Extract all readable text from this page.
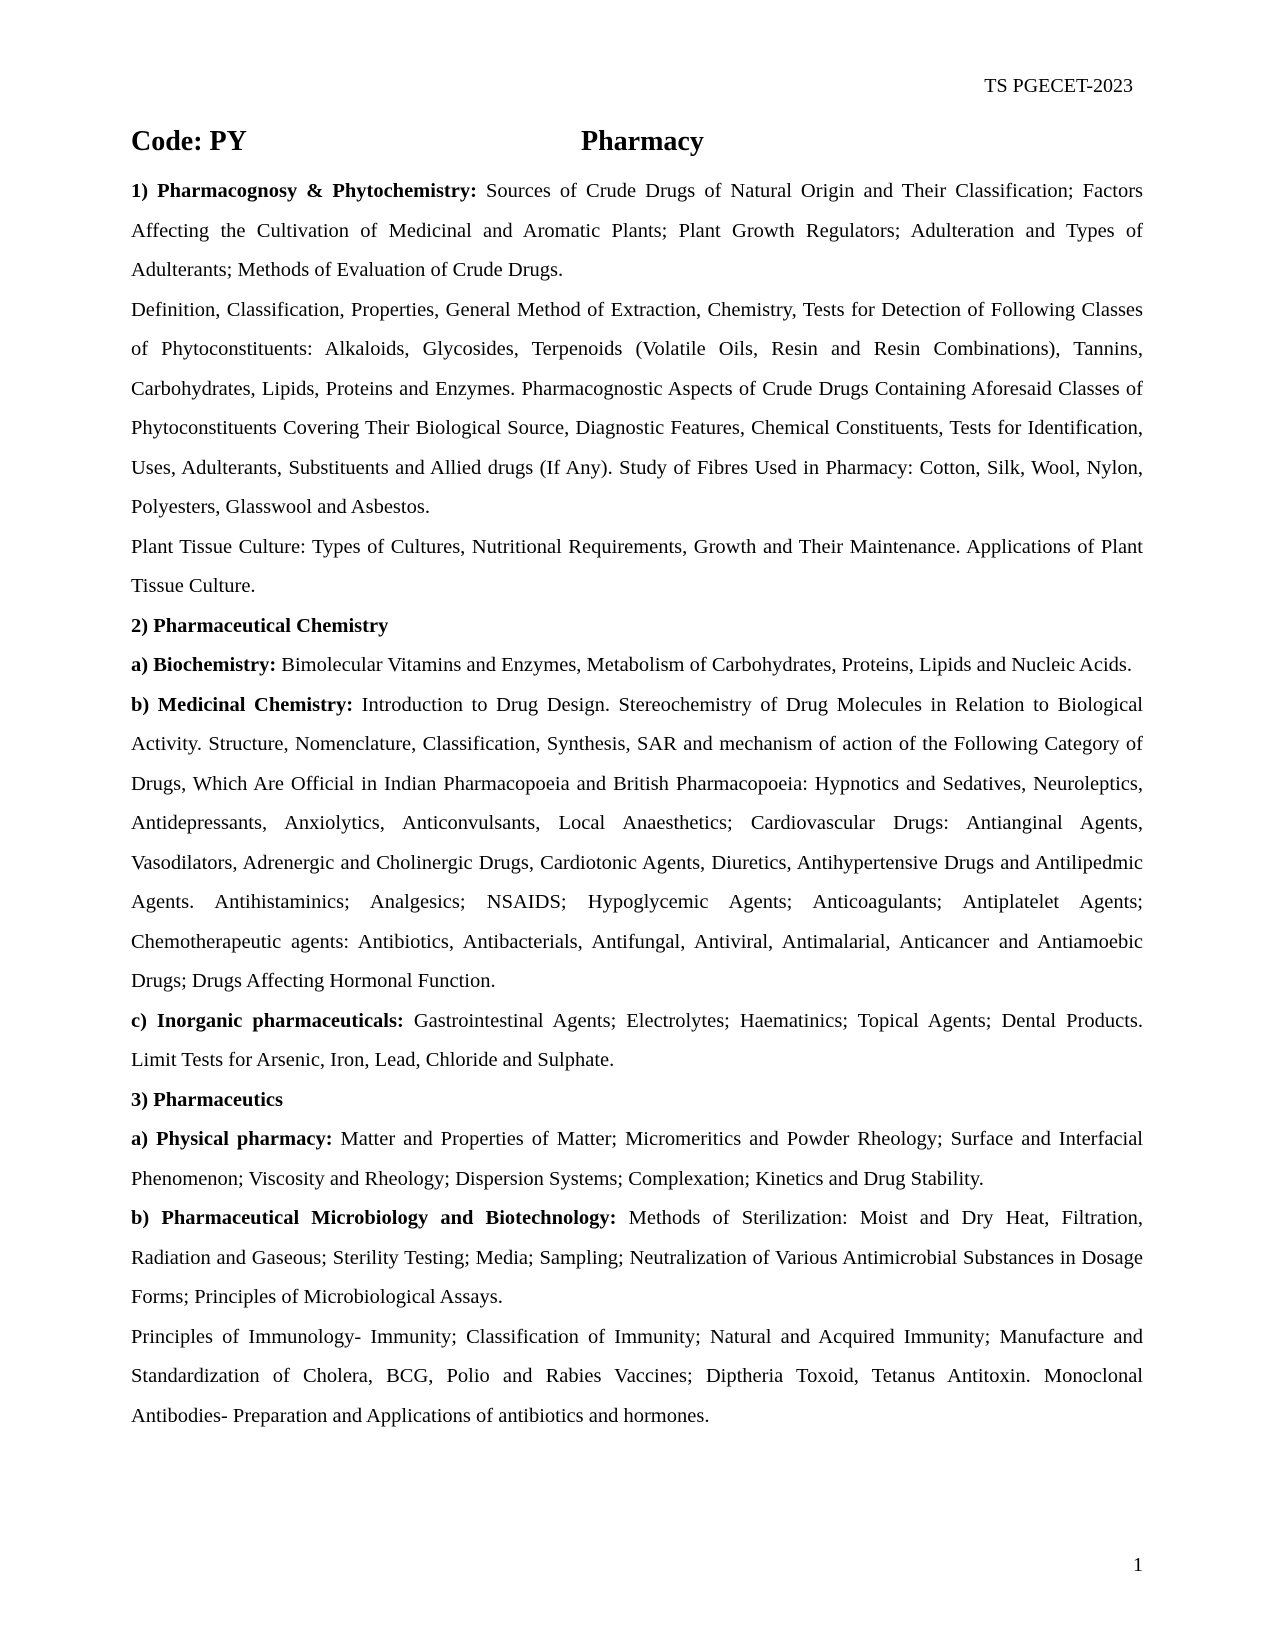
TS PGECET-2023
Code: PY	Pharmacy

1) Pharmacognosy & Phytochemistry: Sources of Crude Drugs of Natural Origin and Their Classification; Factors Affecting the Cultivation of Medicinal and Aromatic Plants; Plant Growth Regulators; Adulteration and Types of Adulterants; Methods of Evaluation of Crude Drugs.

Definition, Classification, Properties, General Method of Extraction, Chemistry, Tests for Detection of Following Classes of Phytoconstituents: Alkaloids, Glycosides, Terpenoids (Volatile Oils, Resin and Resin Combinations), Tannins, Carbohydrates, Lipids, Proteins and Enzymes. Pharmacognostic Aspects of Crude Drugs Containing Aforesaid Classes of Phytoconstituents Covering Their Biological Source, Diagnostic Features, Chemical Constituents, Tests for Identification, Uses, Adulterants, Substituents and Allied drugs (If Any). Study of Fibres Used in Pharmacy: Cotton, Silk, Wool, Nylon, Polyesters, Glasswool and Asbestos.

Plant Tissue Culture: Types of Cultures, Nutritional Requirements, Growth and Their Maintenance. Applications of Plant Tissue Culture.

2) Pharmaceutical Chemistry

a) Biochemistry: Bimolecular Vitamins and Enzymes, Metabolism of Carbohydrates, Proteins, Lipids and Nucleic Acids.

b) Medicinal Chemistry: Introduction to Drug Design. Stereochemistry of Drug Molecules in Relation to Biological Activity. Structure, Nomenclature, Classification, Synthesis, SAR and mechanism of action of the Following Category of Drugs, Which Are Official in Indian Pharmacopoeia and British Pharmacopoeia: Hypnotics and Sedatives, Neuroleptics, Antidepressants, Anxiolytics, Anticonvulsants, Local Anaesthetics; Cardiovascular Drugs: Antianginal Agents, Vasodilators, Adrenergic and Cholinergic Drugs, Cardiotonic Agents, Diuretics, Antihypertensive Drugs and Antilipedmic Agents. Antihistaminics; Analgesics; NSAIDS; Hypoglycemic Agents; Anticoagulants; Antiplatelet Agents; Chemotherapeutic agents: Antibiotics, Antibacterials, Antifungal, Antiviral, Antimalarial, Anticancer and Antiamoebic Drugs; Drugs Affecting Hormonal Function.

c) Inorganic pharmaceuticals: Gastrointestinal Agents; Electrolytes; Haematinics; Topical Agents; Dental Products. Limit Tests for Arsenic, Iron, Lead, Chloride and Sulphate.

3) Pharmaceutics

a) Physical pharmacy: Matter and Properties of Matter; Micromeritics and Powder Rheology; Surface and Interfacial Phenomenon; Viscosity and Rheology; Dispersion Systems; Complexation; Kinetics and Drug Stability.

b) Pharmaceutical Microbiology and Biotechnology: Methods of Sterilization: Moist and Dry Heat, Filtration, Radiation and Gaseous; Sterility Testing; Media; Sampling; Neutralization of Various Antimicrobial Substances in Dosage Forms; Principles of Microbiological Assays.

Principles of Immunology- Immunity; Classification of Immunity; Natural and Acquired Immunity; Manufacture and Standardization of Cholera, BCG, Polio and Rabies Vaccines; Diptheria Toxoid, Tetanus Antitoxin. Monoclonal Antibodies- Preparation and Applications of antibiotics and hormones.

1
